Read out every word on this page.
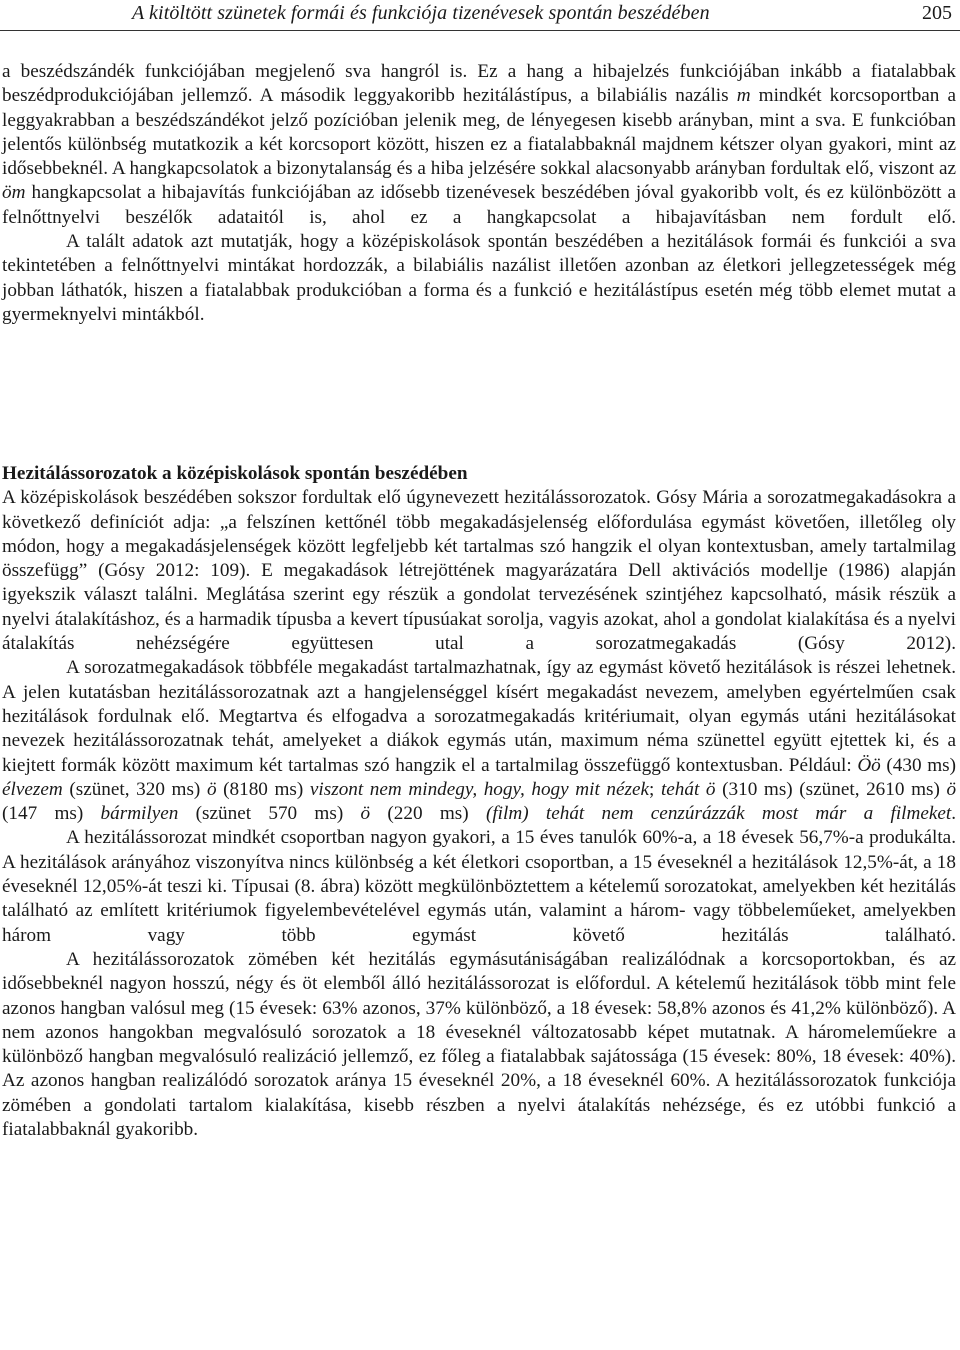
A kitöltött szünetek formái és funkciója tizenévesek spontán beszédében	205

a beszédszándék funkciójában megjelenő sva hangról is. Ez a hang a hibajelzés funkciójában inkább a fiatalabbak beszédprodukciójában jellemző. A második leggyakoribb hezitálástípus, a bilabiális nazális m mindkét korcsoportban a leggyakrabban a beszédszándékot jelző pozícióban jelenik meg, de lényegesen kisebb arányban, mint a sva. E funkcióban jelentős különbség mutatkozik a két korcsoport között, hiszen ez a fiatalabbaknál majdnem kétszer olyan gyakori, mint az idősebbeknél. A hangkapcsolatok a bizonytalanság és a hiba jelzésére sokkal alacsonyabb arányban fordultak elő, viszont az öm hangkapcsolat a hibajavítás funkciójában az idősebb tizenévesek beszédében jóval gyakoribb volt, és ez különbözött a felnőttnyelvi beszélők adataitól is, ahol ez a hangkapcsolat a hibajavításban nem fordult elő.

A talált adatok azt mutatják, hogy a középiskolások spontán beszédében a hezitálások formái és funkciói a sva tekintetében a felnőttnyelvi mintákat hordozzák, a bilabiális nazálist illetően azonban az életkori jellegzetességek még jobban láthatók, hiszen a fiatalabbak produkcióban a forma és a funkció e hezitálástípus esetén még több elemet mutat a gyermeknyelvi mintákból.

Hezitálássorozatok a középiskolások spontán beszédében

A középiskolások beszédében sokszor fordultak elő úgynevezett hezitálássorozatok. Gósy Mária a sorozatmegakadásokra a következő definíciót adja: „a felszínen kettőnél több megakadásjelenség előfordulása egymást követően, illetőleg oly módon, hogy a megakadásjelenségek között legfeljebb két tartalmas szó hangzik el olyan kontextusban, amely tartalmilag összefügg” (Gósy 2012: 109). E megakadások létrejöttének magyarázatára Dell aktivációs modellje (1986) alapján igyekszik választ találni. Meglátása szerint egy részük a gondolat tervezésének szintjéhez kapcsolható, másik részük a nyelvi átalakításhoz, és a harmadik típusba a kevert típusúakat sorolja, vagyis azokat, ahol a gondolat kialakítása és a nyelvi átalakítás nehézségére együttesen utal a sorozatmegakadás (Gósy 2012).

A sorozatmegakadások többféle megakadást tartalmazhatnak, így az egymást követő hezitálások is részei lehetnek. A jelen kutatásban hezitálássorozatnak azt a hangjelenséggel kísért megakadást nevezem, amelyben egyértelműen csak hezitálások fordulnak elő. Megtartva és elfogadva a sorozatmegakadás kritériumait, olyan egymás utáni hezitálásokat nevezek hezitálássorozatnak tehát, amelyeket a diákok egymás után, maximum néma szünettel együtt ejtettek ki, és a kiejtett formák között maximum két tartalmas szó hangzik el a tartalmilag összefüggő kontextusban. Például: Öö (430 ms) élvezem (szünet, 320 ms) ö (8180 ms) viszont nem mindegy, hogy, hogy mit nézek; tehát ö (310 ms) (szünet, 2610 ms) ö (147 ms) bármilyen (szünet 570 ms) ö (220 ms) (film) tehát nem cenzúrázzák most már a filmeket.

A hezitálássorozat mindkét csoportban nagyon gyakori, a 15 éves tanulók 60%-a, a 18 évesek 56,7%-a produkálta. A hezitálások arányához viszonyítva nincs különbség a két életkori csoportban, a 15 éveseknél a hezitálások 12,5%-át, a 18 éveseknél 12,05%-át teszi ki. Típusai (8. ábra) között megkülönböztettem a kételemű sorozatokat, amelyekben két hezitálás található az említett kritériumok figyelembevételével egymás után, valamint a három- vagy többeleműeket, amelyekben három vagy több egymást követő hezitálás található.

A hezitálássorozatok zömében két hezitálás egymásutániságában realizálódnak a korcsoportokban, és az idősebbeknél nagyon hosszú, négy és öt elemből álló hezitálássorozat is előfordul. A kételemű hezitálások több mint fele azonos hangban valósul meg (15 évesek: 63% azonos, 37% különböző, a 18 évesek: 58,8% azonos és 41,2% különböző). A nem azonos hangokban megvalósuló sorozatok a 18 éveseknél változatosabb képet mutatnak. A háromeleműekre a különböző hangban megvalósuló realizáció jellemző, ez főleg a fiatalabbak sajátossága (15 évesek: 80%, 18 évesek: 40%). Az azonos hangban realizálódó sorozatok aránya 15 éveseknél 20%, a 18 éveseknél 60%. A hezitálássorozatok funkciója zömében a gondolati tartalom kialakítása, kisebb részben a nyelvi átalakítás nehézsége, és ez utóbbi funkció a fiatalabbaknál gyakoribb.
